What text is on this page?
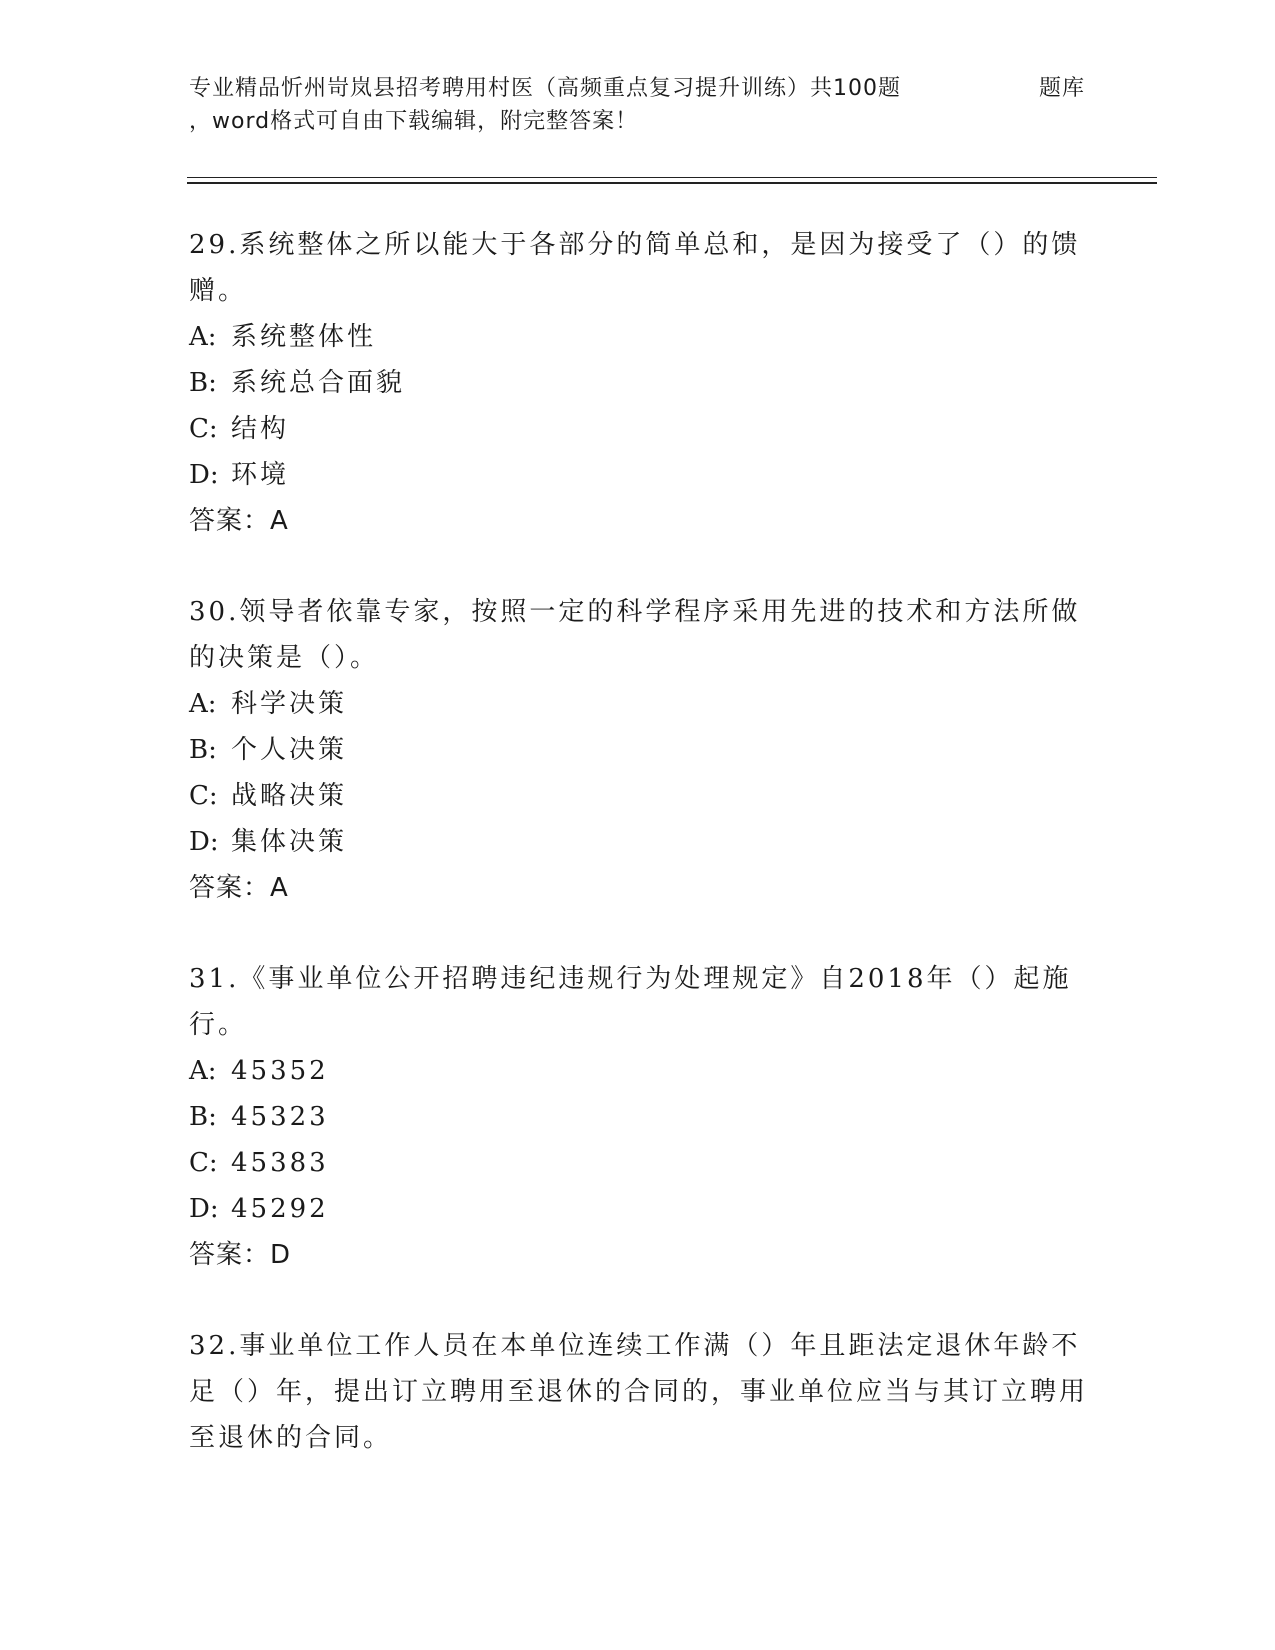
专业精品忻州岢岚县招考聘用村医（高频重点复习提升训练）共100题	题库
，word格式可自由下载编辑，附完整答案！

29.系统整体之所以能大于各部分的简单总和，是因为接受了（）的馈赠。

A: 系统整体性
B: 系统总合面貌
C: 结构
D: 环境
答案：A

30.领导者依靠专家，按照一定的科学程序采用先进的技术和方法所做的决策是（）。

A: 科学决策
B: 个人决策
C: 战略决策
D: 集体决策
答案：A

31.《事业单位公开招聘违纪违规行为处理规定》自2018年（）起施行。

A: 45352
B: 45323
C: 45383
D: 45292
答案：D

32.事业单位工作人员在本单位连续工作满（）年且距法定退休年龄不足（）年，提出订立聘用至退休的合同的，事业单位应当与其订立聘用至退休的合同。
